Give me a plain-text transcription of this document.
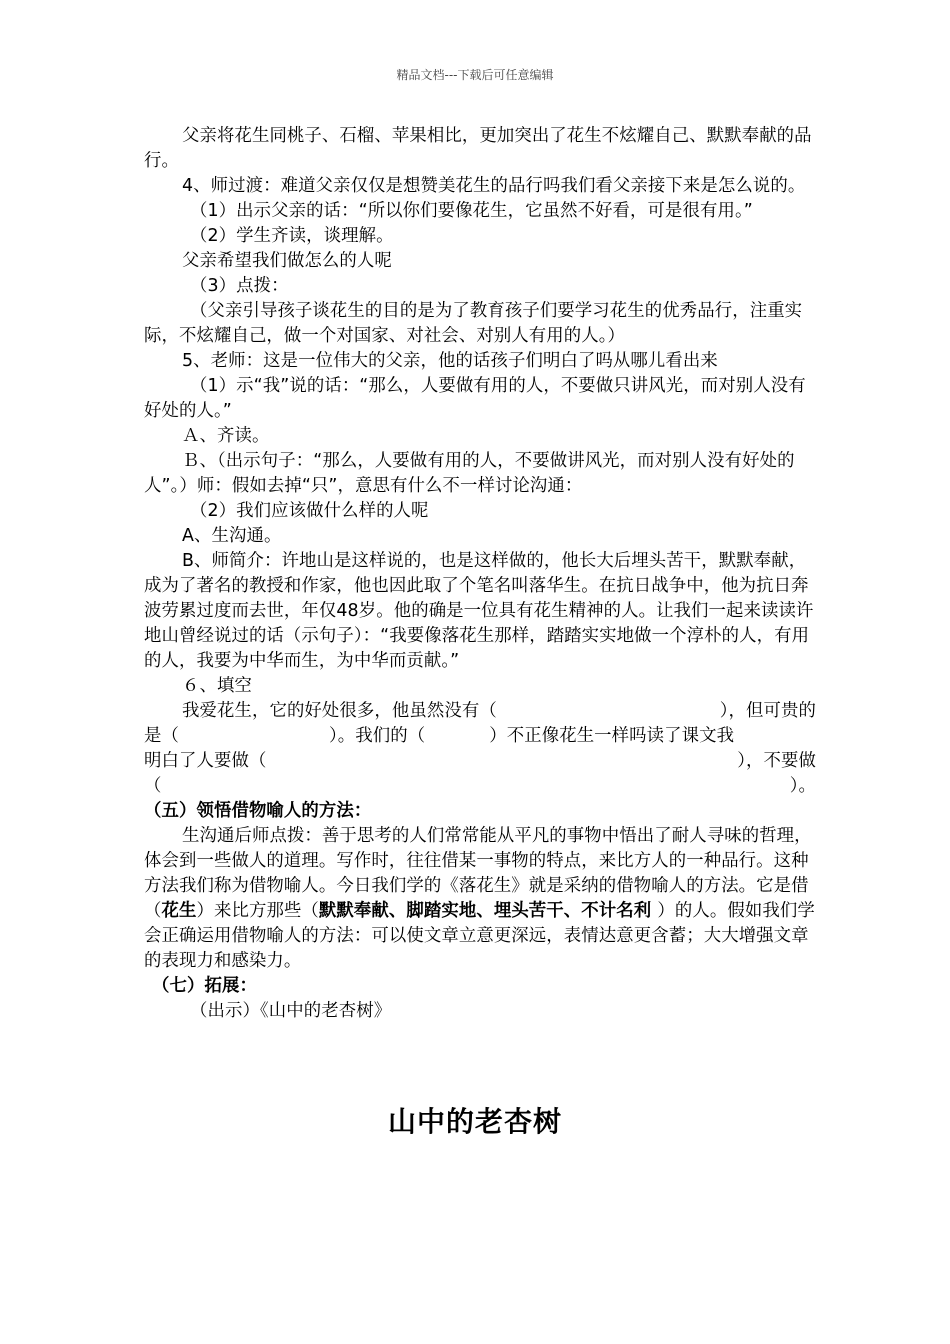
精品文档---下载后可任意编辑

父亲将花生同桃子、石榴、苹果相比，更加突出了花生不炫耀自己、默默奉献的品行。

4、师过渡：难道父亲仅仅是想赞美花生的品行吗我们看父亲接下来是怎么说的。

（1）出示父亲的话：“所以你们要像花生，它虽然不好看，可是很有用。”

（2）学生齐读，谈理解。

父亲希望我们做怎么的人呢

（3）点拨：

（父亲引导孩子谈花生的目的是为了教育孩子们要学习花生的优秀品行，注重实际，不炫耀自己，做一个对国家、对社会、对别人有用的人。）

5、老师：这是一位伟大的父亲，他的话孩子们明白了吗从哪儿看出来

（1）示“我”说的话：“那么，人要做有用的人，不要做只讲风光，而对别人没有好处的人。”

Ａ、齐读。

Ｂ、（出示句子：“那么，人要做有用的人，不要做讲风光，而对别人没有好处的人”。）师：假如去掉“只”，意思有什么不一样讨论沟通：

（2）我们应该做什么样的人呢

A、生沟通。

B、师简介：许地山是这样说的，也是这样做的，他长大后埋头苦干，默默奉献，成为了著名的教授和作家，他也因此取了个笔名叫落华生。在抗日战争中，他为抗日奔波劳累过度而去世，年仅48岁。他的确是一位具有花生精神的人。让我们一起来读读许地山曾经说过的话（示句子）：“我要像落花生那样，踏踏实实地做一个淳朴的人，有用的人，我要为中华而生，为中华而贡献。”

６、填空

我爱花生，它的好处很多，他虽然没有（	），但可贵的
是（	）。我们的（	）不正像花生一样吗读了课文我
明白了人要做（	），不要做
（	）。

（五）领悟借物喻人的方法：

生沟通后师点拨：善于思考的人们常常能从平凡的事物中悟出了耐人寻味的哲理，体会到一些做人的道理。写作时，往往借某一事物的特点，来比方人的一种品行。这种方法我们称为借物喻人。今日我们学的《落花生》就是采纳的借物喻人的方法。它是借（花生）来比方那些（默默奉献、脚踏实地、埋头苦干、不计名利 ）的人。假如我们学会正确运用借物喻人的方法：可以使文章立意更深远，表情达意更含蓄；大大增强文章的表现力和感染力。

（七）拓展：

（出示）《山中的老杏树》

山中的老杏树
